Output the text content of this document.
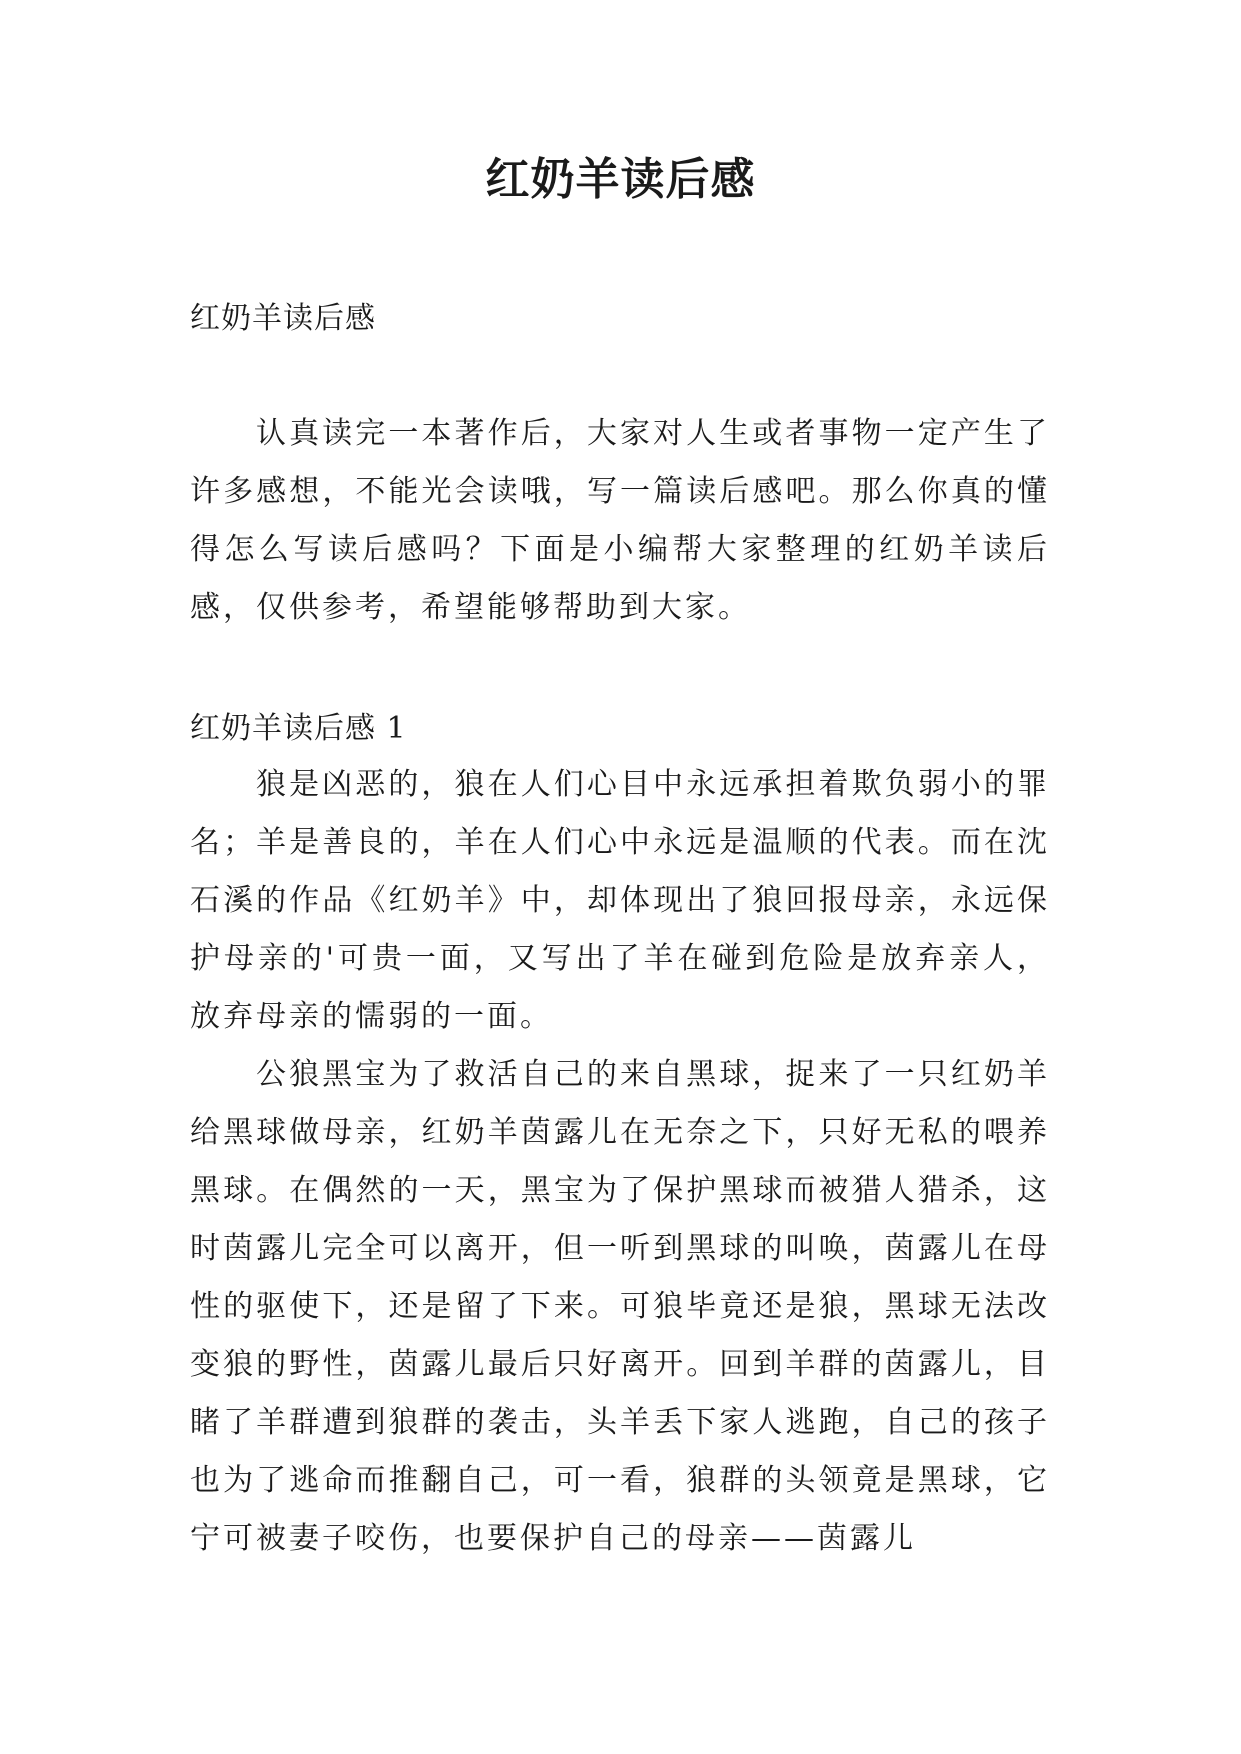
红奶羊读后感

红奶羊读后感

认真读完一本著作后，大家对人生或者事物一定产生了许多感想，不能光会读哦，写一篇读后感吧。那么你真的懂得怎么写读后感吗？下面是小编帮大家整理的红奶羊读后感，仅供参考，希望能够帮助到大家。

红奶羊读后感 1

狼是凶恶的，狼在人们心目中永远承担着欺负弱小的罪名；羊是善良的，羊在人们心中永远是温顺的代表。而在沈石溪的作品《红奶羊》中，却体现出了狼回报母亲，永远保护母亲的'可贵一面，又写出了羊在碰到危险是放弃亲人，放弃母亲的懦弱的一面。

公狼黑宝为了救活自己的来自黑球，捉来了一只红奶羊给黑球做母亲，红奶羊茵露儿在无奈之下，只好无私的喂养黑球。在偶然的一天，黑宝为了保护黑球而被猎人猎杀，这时茵露儿完全可以离开，但一听到黑球的叫唤，茵露儿在母性的驱使下，还是留了下来。可狼毕竟还是狼，黑球无法改变狼的野性，茵露儿最后只好离开。回到羊群的茵露儿，目睹了羊群遭到狼群的袭击，头羊丢下家人逃跑，自己的孩子也为了逃命而推翻自己，可一看，狼群的头领竟是黑球，它宁可被妻子咬伤，也要保护自己的母亲——茵露儿
